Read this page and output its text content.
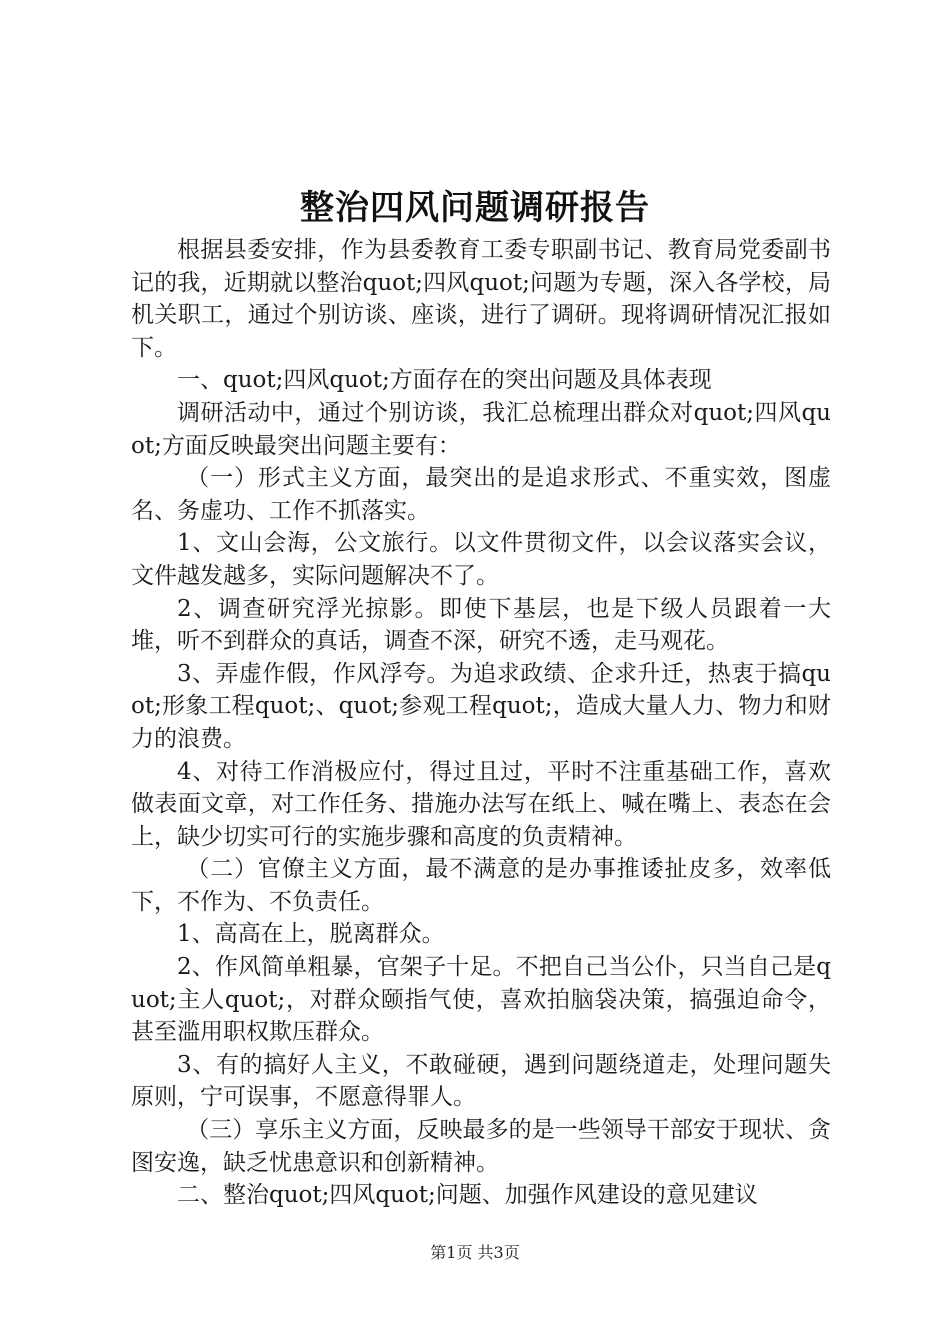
整治四风问题调研报告

根据县委安排，作为县委教育工委专职副书记、教育局党委副书记的我，近期就以整治quot;四风quot;问题为专题，深入各学校，局机关职工，通过个别访谈、座谈，进行了调研。现将调研情况汇报如下。

一、quot;四风quot;方面存在的突出问题及具体表现

调研活动中，通过个别访谈，我汇总梳理出群众对quot;四风quot;方面反映最突出问题主要有：

（一）形式主义方面，最突出的是追求形式、不重实效，图虚名、务虚功、工作不抓落实。

1、文山会海，公文旅行。以文件贯彻文件，以会议落实会议，文件越发越多，实际问题解决不了。

2、调查研究浮光掠影。即使下基层，也是下级人员跟着一大堆，听不到群众的真话，调查不深，研究不透，走马观花。

3、弄虚作假，作风浮夸。为追求政绩、企求升迁，热衷于搞quot;形象工程quot;、quot;参观工程quot;，造成大量人力、物力和财力的浪费。

4、对待工作消极应付，得过且过，平时不注重基础工作，喜欢做表面文章，对工作任务、措施办法写在纸上、喊在嘴上、表态在会上，缺少切实可行的实施步骤和高度的负责精神。

（二）官僚主义方面，最不满意的是办事推诿扯皮多，效率低下，不作为、不负责任。

1、高高在上，脱离群众。

2、作风简单粗暴，官架子十足。不把自己当公仆，只当自己是quot;主人quot;，对群众颐指气使，喜欢拍脑袋决策，搞强迫命令，甚至滥用职权欺压群众。

3、有的搞好人主义，不敢碰硬，遇到问题绕道走，处理问题失原则，宁可误事，不愿意得罪人。

（三）享乐主义方面，反映最多的是一些领导干部安于现状、贪图安逸，缺乏忧患意识和创新精神。

二、整治quot;四风quot;问题、加强作风建设的意见建议

第1页 共3页
